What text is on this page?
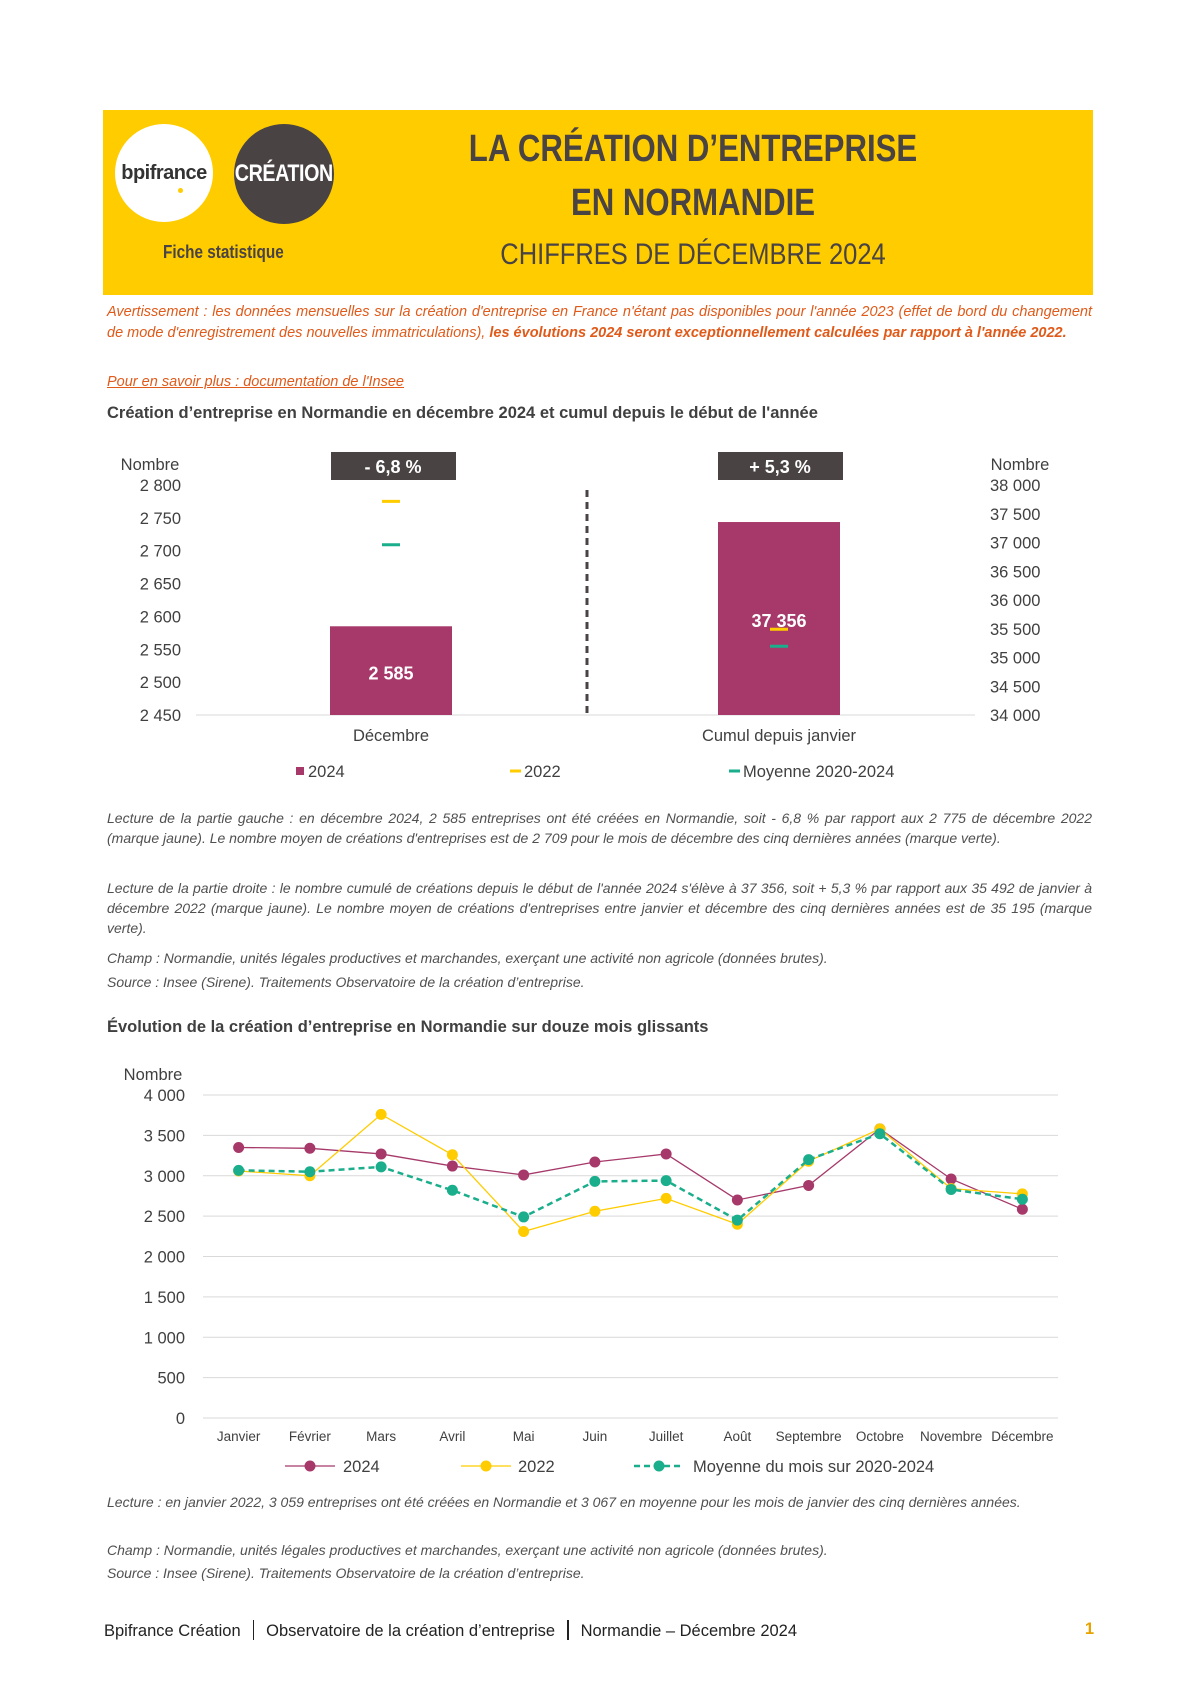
bpifrance CRÉATION
Fiche statistique
LA CRÉATION D’ENTREPRISE
EN NORMANDIE
CHIFFRES DE DÉCEMBRE 2024
Avertissement : les données mensuelles sur la création d'entreprise en France n'étant pas disponibles pour l'année 2023 (effet de bord du changement de mode d'enregistrement des nouvelles immatriculations), les évolutions 2024 seront exceptionnellement calculées par rapport à l'année 2022.
Pour en savoir plus : documentation de l'Insee
Création d’entreprise en Normandie en décembre 2024 et cumul depuis le début de l'année
Nombre	Nombre
2 450
2 500
2 550
2 600
2 650
2 700
2 750
2 800
34 000
34 500
35 000
35 500
36 000
36 500
37 000
37 500
38 000
2 585
37 356
- 6,8 %	+ 5,3 %
Décembre	Cumul depuis janvier
2024	2022	Moyenne 2020-2024
Lecture de la partie gauche : en décembre 2024, 2 585 entreprises ont été créées en Normandie, soit - 6,8 % par rapport aux 2 775 de décembre 2022 (marque jaune). Le nombre moyen de créations d'entreprises est de 2 709 pour le mois de décembre des cinq dernières années (marque verte).
Lecture de la partie droite : le nombre cumulé de créations depuis le début de l'année 2024 s'élève à 37 356, soit + 5,3 % par rapport aux 35 492 de janvier à décembre 2022 (marque jaune). Le nombre moyen de créations d'entreprises entre janvier et décembre des cinq dernières années est de 35 195 (marque verte).
Champ : Normandie, unités légales productives et marchandes, exerçant une activité non agricole (données brutes).
Source : Insee (Sirene). Traitements Observatoire de la création d’entreprise.
Évolution de la création d’entreprise en Normandie sur douze mois glissants
Nombre
0
500
1 000
1 500
2 000
2 500
3 000
3 500
4 000
Janvier Février	Mars	Avril	Mai	Juin	Juillet	Août Septembre Octobre Novembre Décembre
2024	2022	Moyenne du mois sur 2020-2024
Lecture : en janvier 2022, 3 059 entreprises ont été créées en Normandie et 3 067 en moyenne pour les mois de janvier des cinq dernières années.
Champ : Normandie, unités légales productives et marchandes, exerçant une activité non agricole (données brutes).
Source : Insee (Sirene). Traitements Observatoire de la création d’entreprise.
Bpifrance Création Observatoire de la création d’entreprise Normandie – Décembre 2024	1
